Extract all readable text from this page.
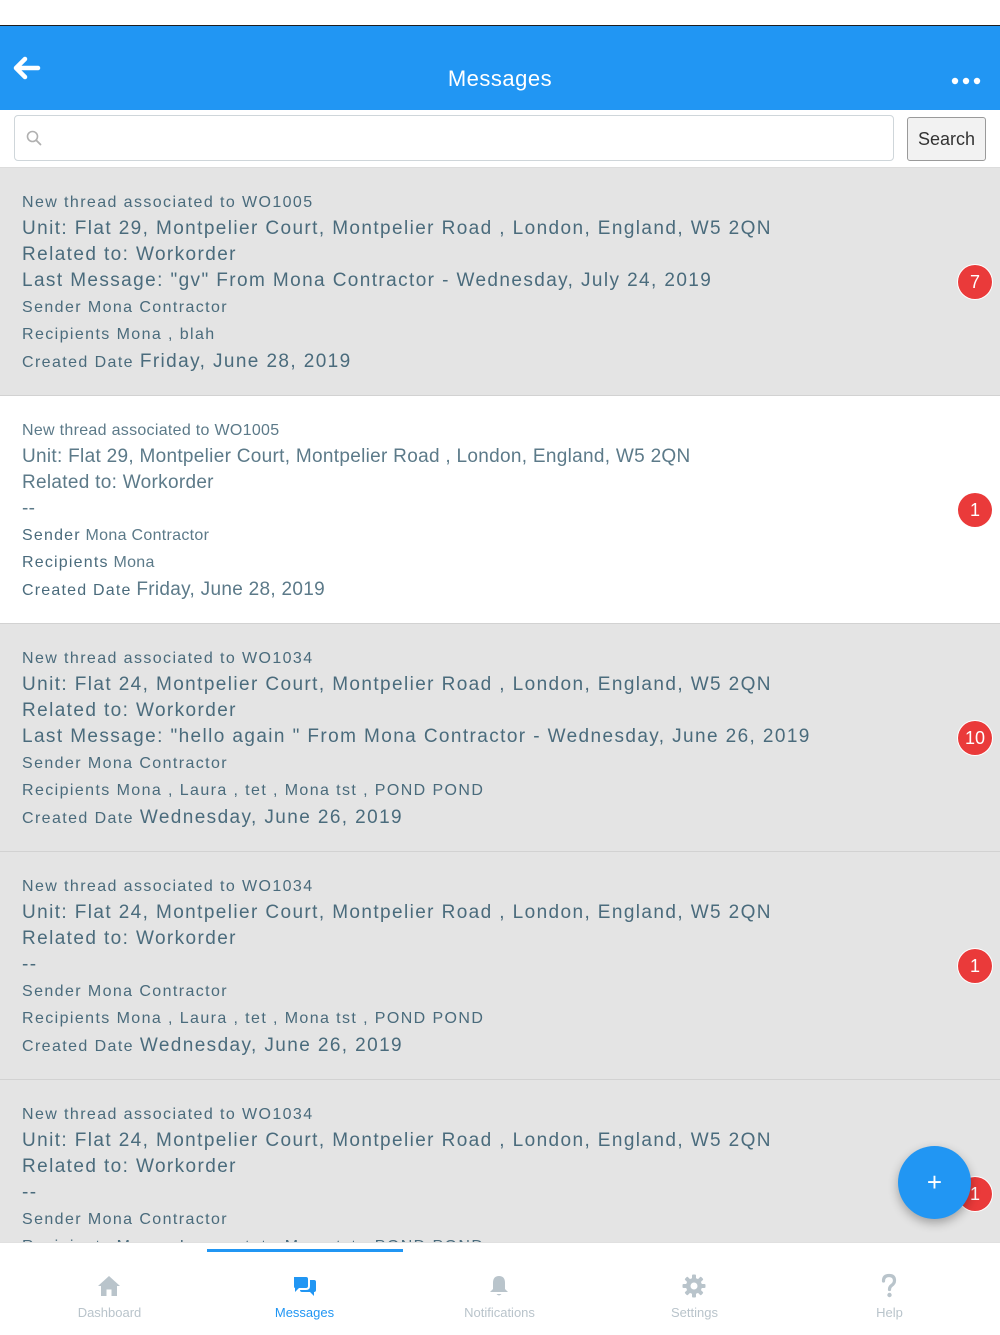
Messages
Search
New thread associated to WO1005
Unit: Flat 29, Montpelier Court, Montpelier Road , London, England, W5 2QN
Related to: Workorder
Last Message: "gv" From Mona Contractor - Wednesday, July 24, 2019
Sender Mona Contractor
Recipients Mona , blah
Created Date Friday, June 28, 2019
7
New thread associated to WO1005
Unit: Flat 29, Montpelier Court, Montpelier Road , London, England, W5 2QN
Related to: Workorder
--
Sender Mona Contractor
Recipients Mona
Created Date Friday, June 28, 2019
1
New thread associated to WO1034
Unit: Flat 24, Montpelier Court, Montpelier Road , London, England, W5 2QN
Related to: Workorder
Last Message: "hello again " From Mona Contractor - Wednesday, June 26, 2019
Sender Mona Contractor
Recipients Mona , Laura , tet , Mona tst , POND POND
Created Date Wednesday, June 26, 2019
10
New thread associated to WO1034
Unit: Flat 24, Montpelier Court, Montpelier Road , London, England, W5 2QN
Related to: Workorder
--
Sender Mona Contractor
Recipients Mona , Laura , tet , Mona tst , POND POND
Created Date Wednesday, June 26, 2019
1
New thread associated to WO1034
Unit: Flat 24, Montpelier Court, Montpelier Road , London, England, W5 2QN
Related to: Workorder
--
Sender Mona Contractor
1
+
Dashboard	Messages	Notifications	Settings	Help
